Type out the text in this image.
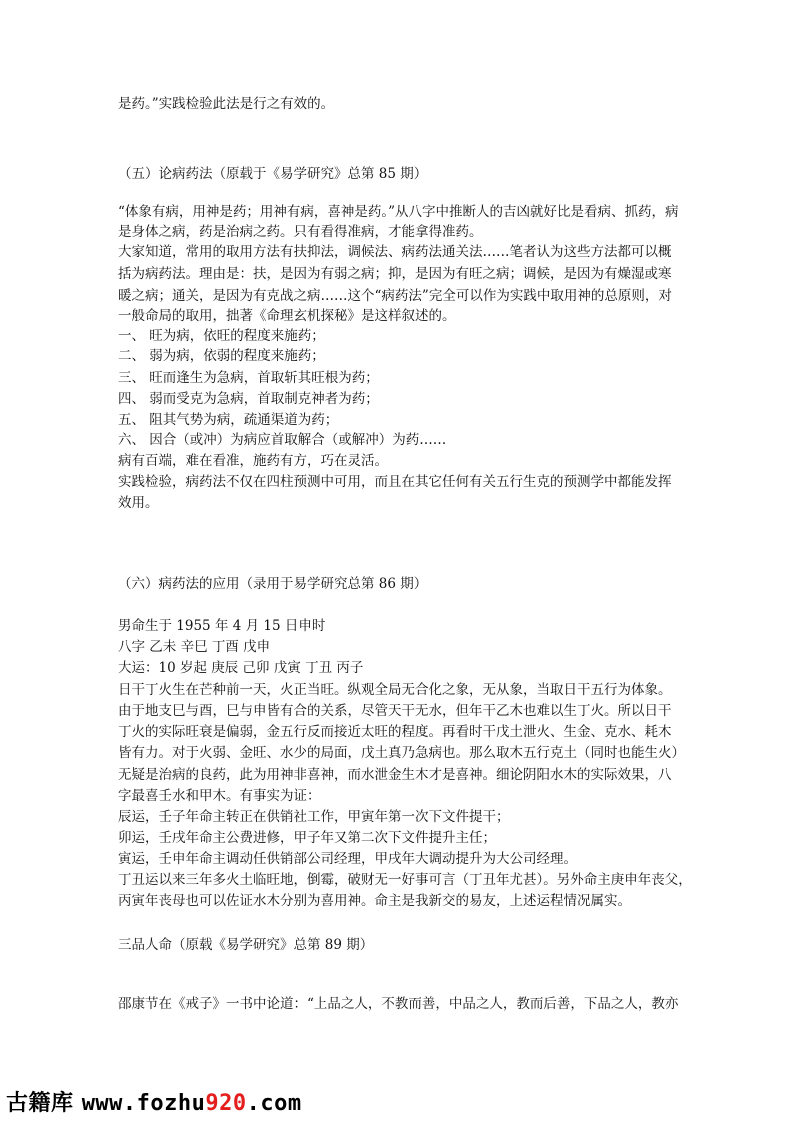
是药。”实践检验此法是行之有效的。
（五）论病药法（原载于《易学研究》总第 85 期）
“体象有病，用神是药；用神有病，喜神是药。”从八字中推断人的吉凶就好比是看病、抓药，病
是身体之病，药是治病之药。只有看得准病，才能拿得准药。
大家知道，常用的取用方法有扶抑法，调候法、病药法通关法‥‥‥笔者认为这些方法都可以概
括为病药法。理由是：扶，是因为有弱之病；抑，是因为有旺之病；调候，是因为有燥湿或寒
暖之病；通关，是因为有克战之病‥‥‥这个“病药法”完全可以作为实践中取用神的总原则，对
一般命局的取用，拙著《命理玄机探秘》是这样叙述的。
一、 旺为病，依旺的程度来施药；
二、 弱为病，依弱的程度来施药；
三、 旺而逢生为急病，首取斩其旺根为药；
四、 弱而受克为急病，首取制克神者为药；
五、 阻其气势为病，疏通渠道为药；
六、 因合（或冲）为病应首取解合（或解冲）为药‥‥‥
病有百端，难在看准，施药有方，巧在灵活。
实践检验，病药法不仅在四柱预测中可用，而且在其它任何有关五行生克的预测学中都能发挥
效用。
（六）病药法的应用（录用于易学研究总第 86 期）
男命生于 1955 年 4 月 15 日申时
八字 乙未 辛巳 丁酉 戊申
大运：10 岁起 庚辰 己卯 戊寅 丁丑 丙子
日干丁火生在芒种前一天，火正当旺。纵观全局无合化之象，无从象，当取日干五行为体象。
由于地支巳与酉，巳与申皆有合的关系，尽管天干无水，但年干乙木也难以生丁火。所以日干
丁火的实际旺衰是偏弱，金五行反而接近太旺的程度。再看时干戊土泄火、生金、克水、耗木
皆有力。对于火弱、金旺、水少的局面，戊土真乃急病也。那么取木五行克土（同时也能生火）
无疑是治病的良药，此为用神非喜神，而水泄金生木才是喜神。细论阴阳水木的实际效果，八
字最喜壬水和甲木。有事实为证：
辰运，壬子年命主转正在供销社工作，甲寅年第一次下文件提干；
卯运，壬戌年命主公费进修，甲子年又第二次下文件提升主任；
寅运，壬申年命主调动任供销部公司经理，甲戌年大调动提升为大公司经理。
丁丑运以来三年多火土临旺地，倒霉，破财无一好事可言（丁丑年尤甚）。另外命主庚申年丧父，
丙寅年丧母也可以佐证水木分别为喜用神。命主是我新交的易友，上述运程情况属实。
三品人命（原载《易学研究》总第 89 期）
邵康节在《戒子》一书中论道：“上品之人，不教而善，中品之人，教而后善，下品之人，教亦
古籍库 www.fozhu920.com
